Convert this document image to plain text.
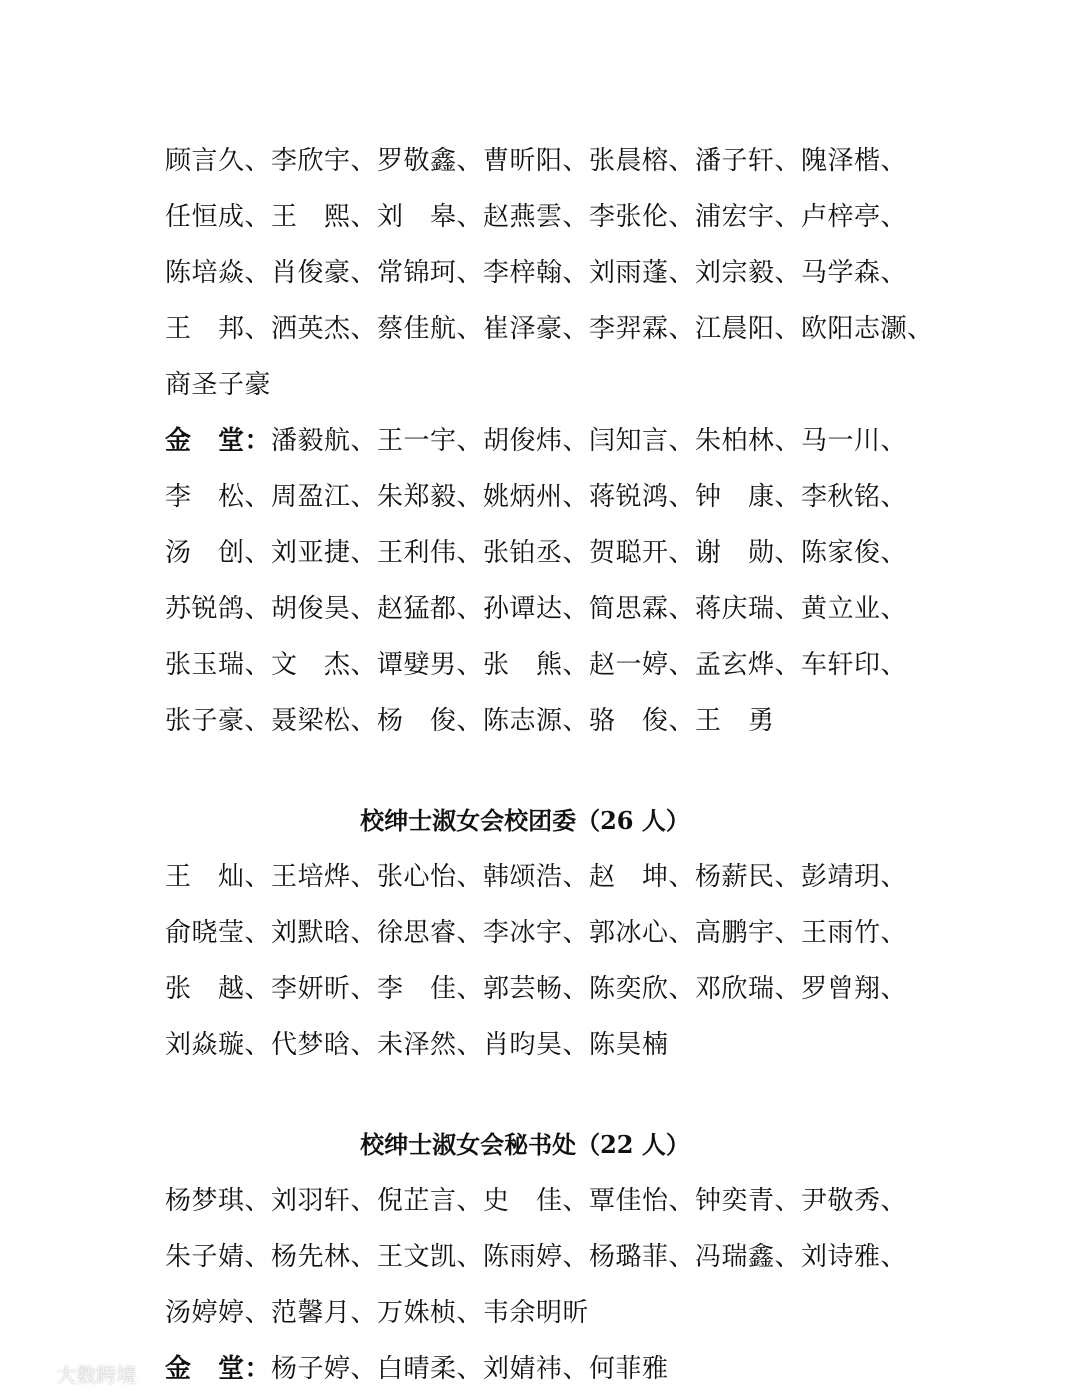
顾言久、李欣宇、罗敬鑫、曹昕阳、张晨榕、潘子轩、隗泽楷、
任恒成、王　熙、刘　皋、赵燕雲、李张伦、浦宏宇、卢梓亭、
陈培焱、肖俊豪、常锦珂、李梓翰、刘雨蓬、刘宗毅、马学森、
王　邦、洒英杰、蔡佳航、崔泽豪、李羿霖、江晨阳、欧阳志灏、
商圣子豪
金　堂：潘毅航、王一宇、胡俊炜、闫知言、朱柏林、马一川、
李　松、周盈江、朱郑毅、姚炳州、蒋锐鸿、钟　康、李秋铭、
汤　创、刘亚捷、王利伟、张铂丞、贺聪开、谢　勋、陈家俊、
苏锐鸽、胡俊昊、赵猛都、孙谭达、简思霖、蒋庆瑞、黄立业、
张玉瑞、文　杰、谭嬖男、张　熊、赵一婷、孟玄烨、车轩印、
张子豪、聂梁松、杨　俊、陈志源、骆　俊、王　勇
校绅士淑女会校团委（26 人）
王　灿、王培烨、张心怡、韩颂浩、赵　坤、杨薪民、彭靖玥、
俞晓莹、刘默晗、徐思睿、李冰宇、郭冰心、高鹏宇、王雨竹、
张　越、李妍昕、李　佳、郭芸畅、陈奕欣、邓欣瑞、罗曾翔、
刘焱璇、代梦晗、未泽然、肖昀昊、陈昊楠
校绅士淑女会秘书处（22 人）
杨梦琪、刘羽轩、倪芷言、史　佳、覃佳怡、钟奕青、尹敬秀、
朱子婧、杨先林、王文凯、陈雨婷、杨璐菲、冯瑞鑫、刘诗雅、
汤婷婷、范馨月、万姝桢、韦余明昕
金　堂：杨子婷、白晴柔、刘婧祎、何菲雅
大数跨境
